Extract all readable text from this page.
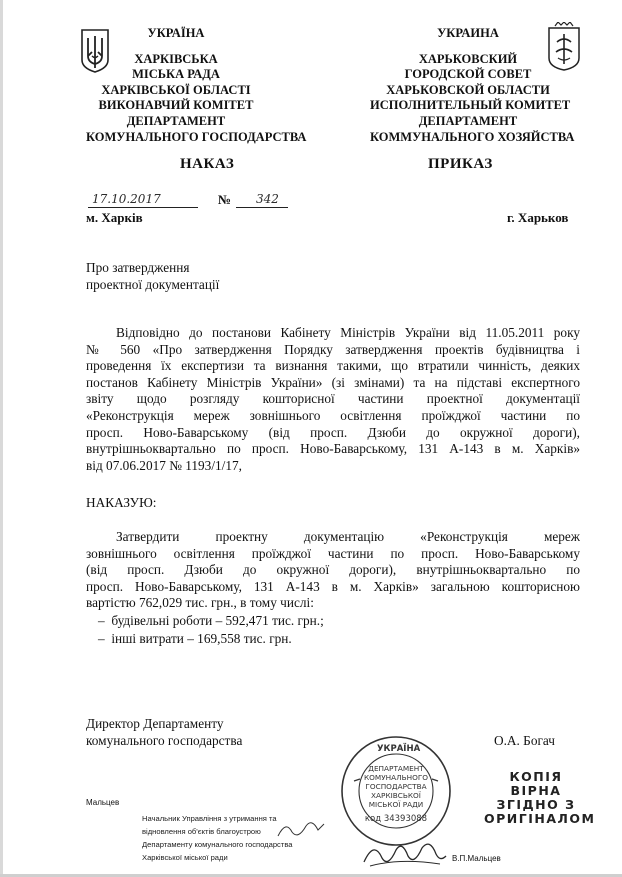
УКРАЇНА
ХАРКІВСЬКА
МІСЬКА РАДА
ХАРКІВСЬКОЇ ОБЛАСТІ
ВИКОНАВЧИЙ КОМІТЕТ
ДЕПАРТАМЕНТ
КОМУНАЛЬНОГО ГОСПОДАРСТВА
УКРАИНА
ХАРЬКОВСКИЙ
ГОРОДСКОЙ СОВЕТ
ХАРЬКОВСКОЙ ОБЛАСТИ
ИСПОЛНИТЕЛЬНЫЙ КОМИТЕТ
ДЕПАРТАМЕНТ
КОММУНАЛЬНОГО ХОЗЯЙСТВА
НАКАЗ	ПРИКАЗ
17.10.2017	№ 342
м. Харків	г. Харьков
Про затвердження
проектної документації
Відповідно до постанови Кабінету Міністрів України від 11.05.2011 року
№ 560 «Про затвердження Порядку затвердження проектів будівництва і
проведення їх експертизи та визнання такими, що втратили чинність, деяких
постанов Кабінету Міністрів України» (зі змінами) та на підставі експертного
звіту щодо розгляду кошторисної частини проектної документації
«Реконструкція мереж зовнішнього освітлення проїжджої частини по
просп. Ново-Баварському (від просп. Дзюби до окружної дороги),
внутрішньоквартально по просп. Ново-Баварському, 131 А-143 в м. Харків»
від 07.06.2017 № 1193/1/17,
НАКАЗУЮ:
Затвердити проектну документацію «Реконструкція мереж
зовнішнього освітлення проїжджої частини по просп. Ново-Баварському
(від просп. Дзюби до окружної дороги), внутрішньоквартально по
просп. Ново-Баварському, 131 А-143 в м. Харків» загальною кошторисною
вартістю 762,029 тис. грн., в тому числі:
– будівельні роботи – 592,471 тис. грн.;
– інші витрати – 169,558 тис. грн.
Директор Департаменту
комунального господарства	О.А. Богач
УКРАЇНА
ДЕПАРТАМЕНТ
КОМУНАЛЬНОГО
ГОСПОДАРСТВА
ХАРКІВСЬКОЇ
МІСЬКОЇ РАДИ
код 34393088
КОПІЯ ВІРНА
ЗГІДНО З
ОРИГІНАЛОМ
Мальцев
Начальник Управління з утримання та
відновлення об'єктів благоустрою
Департаменту комунального господарства
Харківської міської ради	В.П.Мальцев
